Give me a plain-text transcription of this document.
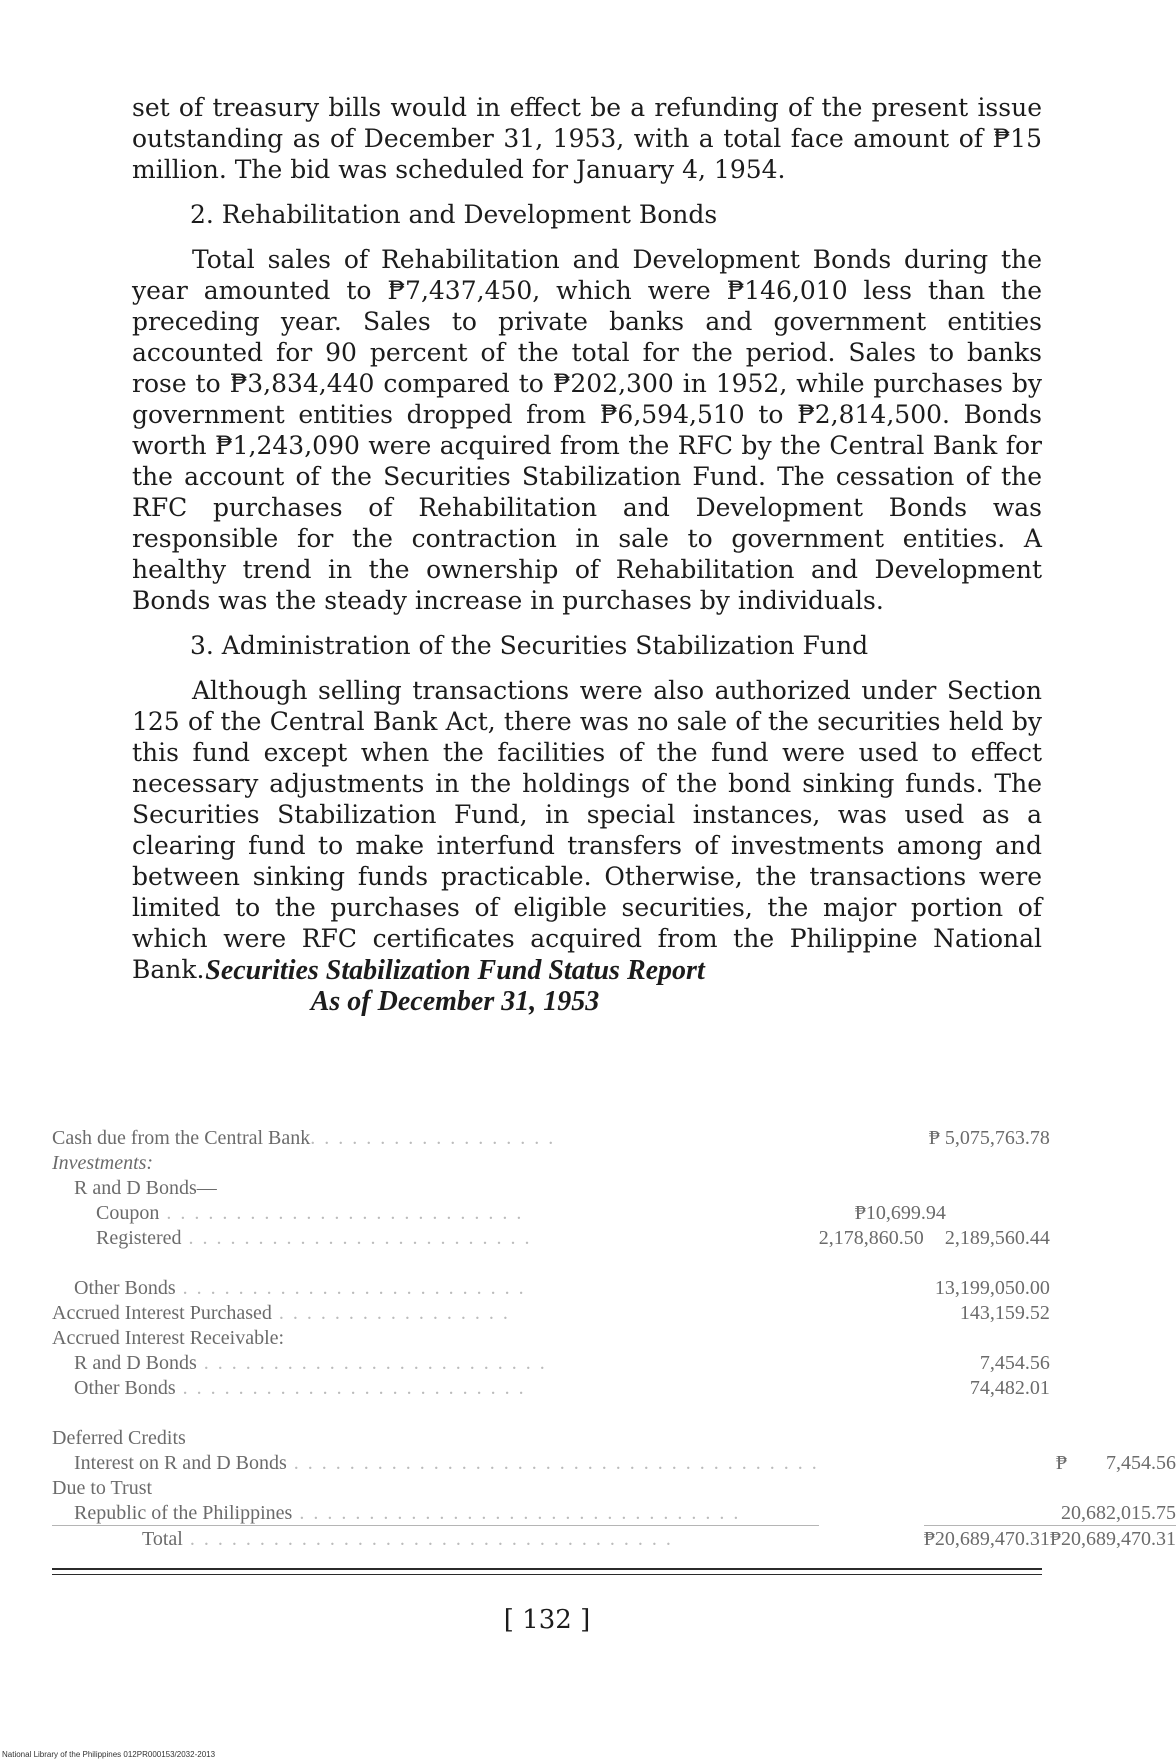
set of treasury bills would in effect be a refunding of the present issue outstanding as of December 31, 1953, with a total face amount of ₱15 million. The bid was scheduled for January 4, 1954.

2. Rehabilitation and Development Bonds

Total sales of Rehabilitation and Development Bonds during the year amounted to ₱7,437,450, which were ₱146,010 less than the preceding year. Sales to private banks and government entities accounted for 90 percent of the total for the period. Sales to banks rose to ₱3,834,440 compared to ₱202,300 in 1952, while purchases by government entities dropped from ₱6,594,510 to ₱2,814,500. Bonds worth ₱1,243,090 were acquired from the RFC by the Central Bank for the account of the Securities Stabilization Fund. The cessation of the RFC purchases of Rehabilitation and Development Bonds was responsible for the contraction in sale to government entities. A healthy trend in the ownership of Rehabilitation and Development Bonds was the steady increase in purchases by individuals.

3. Administration of the Securities Stabilization Fund

Although selling transactions were also authorized under Section 125 of the Central Bank Act, there was no sale of the securities held by this fund except when the facilities of the fund were used to effect necessary adjustments in the holdings of the bond sinking funds. The Securities Stabilization Fund, in special instances, was used as a clearing fund to make interfund transfers of investments among and between sinking funds practicable. Otherwise, the transactions were limited to the purchases of eligible securities, the major portion of which were RFC certificates acquired from the Philippine National Bank. Securities Stabilization Fund Status Report
As of December 31, 1953
Cash due from the Central Bank. . . . . . . . . . . . . . . . . .		₱ 5,075,763.78	
Investments:			
R and D Bonds—			
Coupon . . . . . . . . . . . . . . . . . . . . . . . . . .	₱ 10,699.94		
Registered . . . . . . . . . . . . . . . . . . . . . . . . .	2,178,860.50	2,189,560.44	

Other Bonds . . . . . . . . . . . . . . . . . . . . . . . . .		13,199,050.00	
Accrued Interest Purchased . . . . . . . . . . . . . . . . .		143,159.52	
Accrued Interest Receivable:			
R and D Bonds . . . . . . . . . . . . . . . . . . . . . . . . .		7,454.56	
Other Bonds . . . . . . . . . . . . . . . . . . . . . . . . .		74,482.01	

Deferred Credits			
Interest on R and D Bonds . . . . . . . . . . . . . . . . . . . . . . . . . . . . . . . . . . . . . .			₱ 7,454.56
Due to Trust			
Republic of the Philippines . . . . . . . . . . . . . . . . . . . . . . . . . . . . . . . .			20,682,015.75
Total . . . . . . . . . . . . . . . . . . . . . . . . . . . . . . . . . . .		₱20,689,470.31	₱20,689,470.31
[ 132 ]
National Library of the Philippines 012PR000153/2032-2013
